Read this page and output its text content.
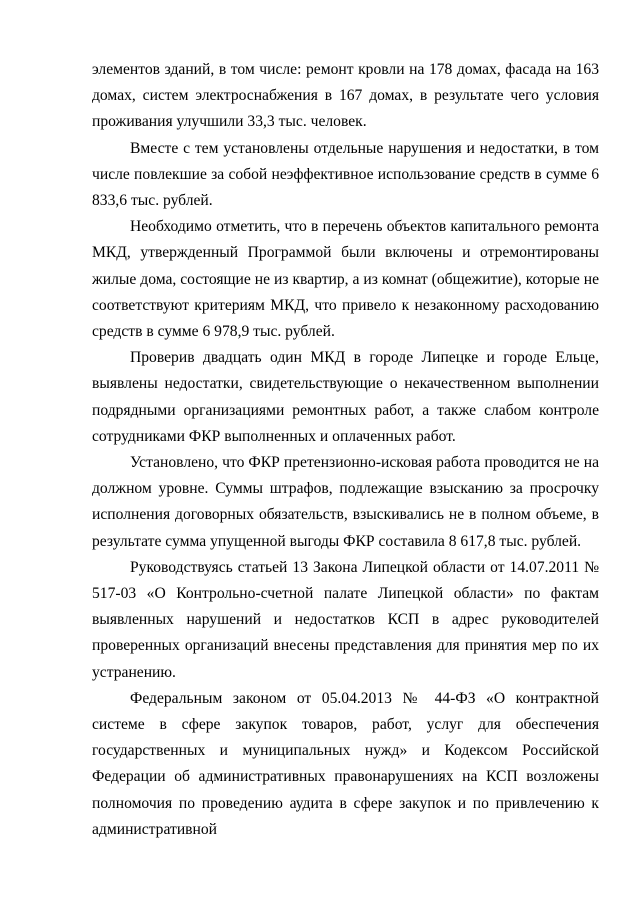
элементов зданий, в том числе: ремонт кровли на 178 домах, фасада на 163 домах, систем электроснабжения в 167 домах, в результате чего условия проживания улучшили 33,3 тыс. человек.

Вместе с тем установлены отдельные нарушения и недостатки, в том числе повлекшие за собой неэффективное использование средств в сумме 6 833,6 тыс. рублей.

Необходимо отметить, что в перечень объектов капитального ремонта МКД, утвержденный Программой были включены и отремонтированы жилые дома, состоящие не из квартир, а из комнат (общежитие), которые не соответствуют критериям МКД, что привело к незаконному расходованию средств в сумме 6 978,9 тыс. рублей.

Проверив двадцать один МКД в городе Липецке и городе Ельце, выявлены недостатки, свидетельствующие о некачественном выполнении подрядными организациями ремонтных работ, а также слабом контроле сотрудниками ФКР выполненных и оплаченных работ.

Установлено, что ФКР претензионно-исковая работа проводится не на должном уровне. Суммы штрафов, подлежащие взысканию за просрочку исполнения договорных обязательств, взыскивались не в полном объеме, в результате сумма упущенной выгоды ФКР составила 8 617,8 тыс. рублей.

Руководствуясь статьей 13 Закона Липецкой области от 14.07.2011 № 517-03 «О Контрольно-счетной палате Липецкой области» по фактам выявленных нарушений и недостатков КСП в адрес руководителей проверенных организаций внесены представления для принятия мер по их устранению.

Федеральным законом от 05.04.2013 № 44-ФЗ «О контрактной системе в сфере закупок товаров, работ, услуг для обеспечения государственных и муниципальных нужд» и Кодексом Российской Федерации об административных правонарушениях на КСП возложены полномочия по проведению аудита в сфере закупок и по привлечению к административной
